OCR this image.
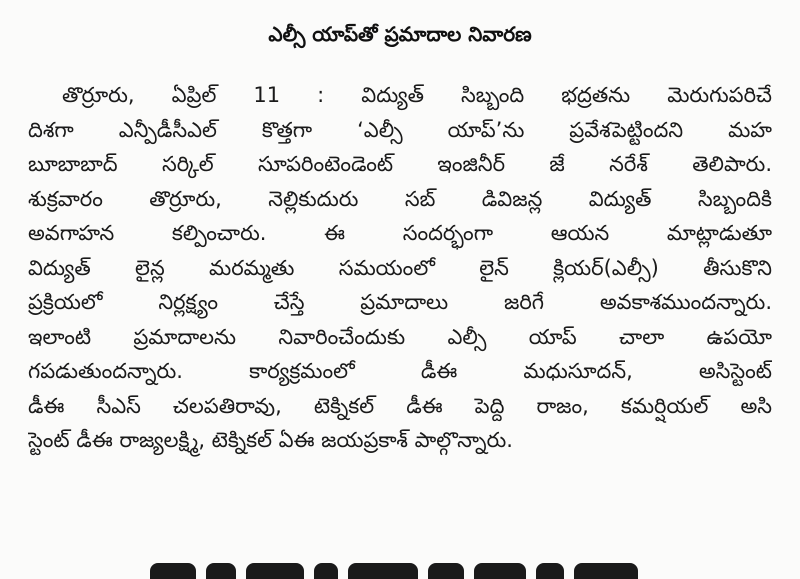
ఎల్సీ యాప్‌తో ప్రమాదాల నివారణ
తొర్రూరు, ఏప్రిల్ 11 : విద్యుత్ సిబ్బంది భద్రతను మెరుగుపరిచే
దిశగా ఎన్పీడీసీఎల్ కొత్తగా ‘ఎల్సీ యాప్’ను ప్రవేశపెట్టిందని మహ
బూబాబాద్ సర్కిల్ సూపరింటెండెంట్ ఇంజినీర్ జే నరేశ్ తెలిపారు.
శుక్రవారం తొర్రూరు, నెల్లికుదురు సబ్ డివిజన్ల విద్యుత్ సిబ్బందికి
అవగాహన కల్పించారు. ఈ సందర్భంగా ఆయన మాట్లాడుతూ
విద్యుత్ లైన్ల మరమ్మతు సమయంలో లైన్ క్లియర్(ఎల్సీ) తీసుకొని
ప్రక్రియలో నిర్లక్ష్యం చేస్తే ప్రమాదాలు జరిగే అవకాశముందన్నారు.
ఇలాంటి ప్రమాదాలను నివారించేందుకు ఎల్సీ యాప్ చాలా ఉపయో
గపడుతుందన్నారు. కార్యక్రమంలో డీఈ మధుసూదన్, అసిస్టెంట్
డీఈ సీఎస్ చలపతిరావు, టెక్నికల్ డీఈ పెద్ది రాజం, కమర్షియల్ అసి
స్టెంట్ డీఈ రాజ్యలక్ష్మి, టెక్నికల్ ఏఈ జయప్రకాశ్ పాల్గొన్నారు.
